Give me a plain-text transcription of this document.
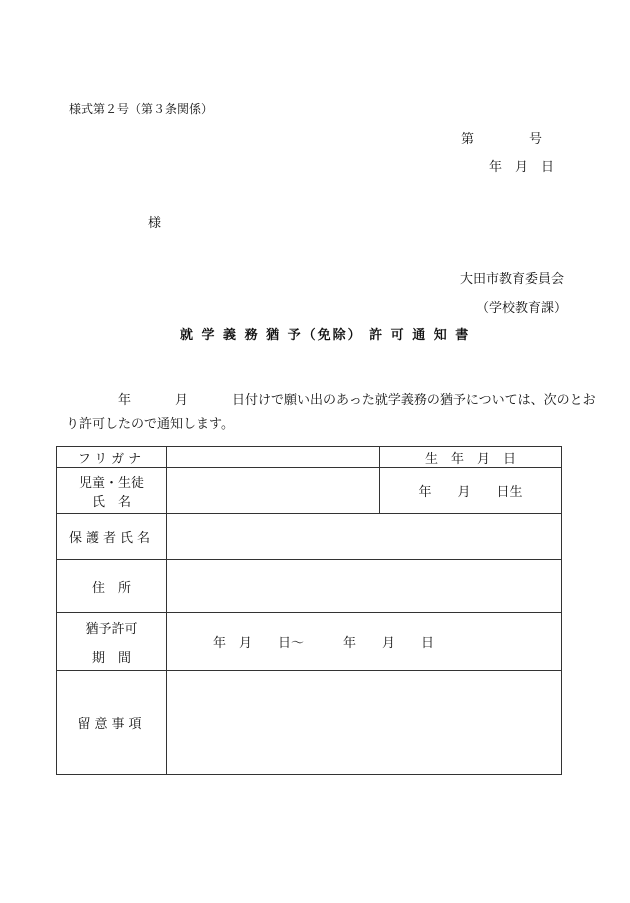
様式第２号（第３条関係）
第	号
年　月　日
様
大田市教育委員会
（学校教育課）
就 学 義 務 猶 予（免除） 許 可 通 知 書
年	月	日付けで願い出のあった就学義務の猶予については、次のとお
り許可したので通知します。
フリガナ		生　年　月　日

児童・生徒
氏　名		年　　月　　日生
保護者氏名		
住　所		

猶予許可
期　間	年　月　　日～　　　年　　月　　日	
留意事項		
